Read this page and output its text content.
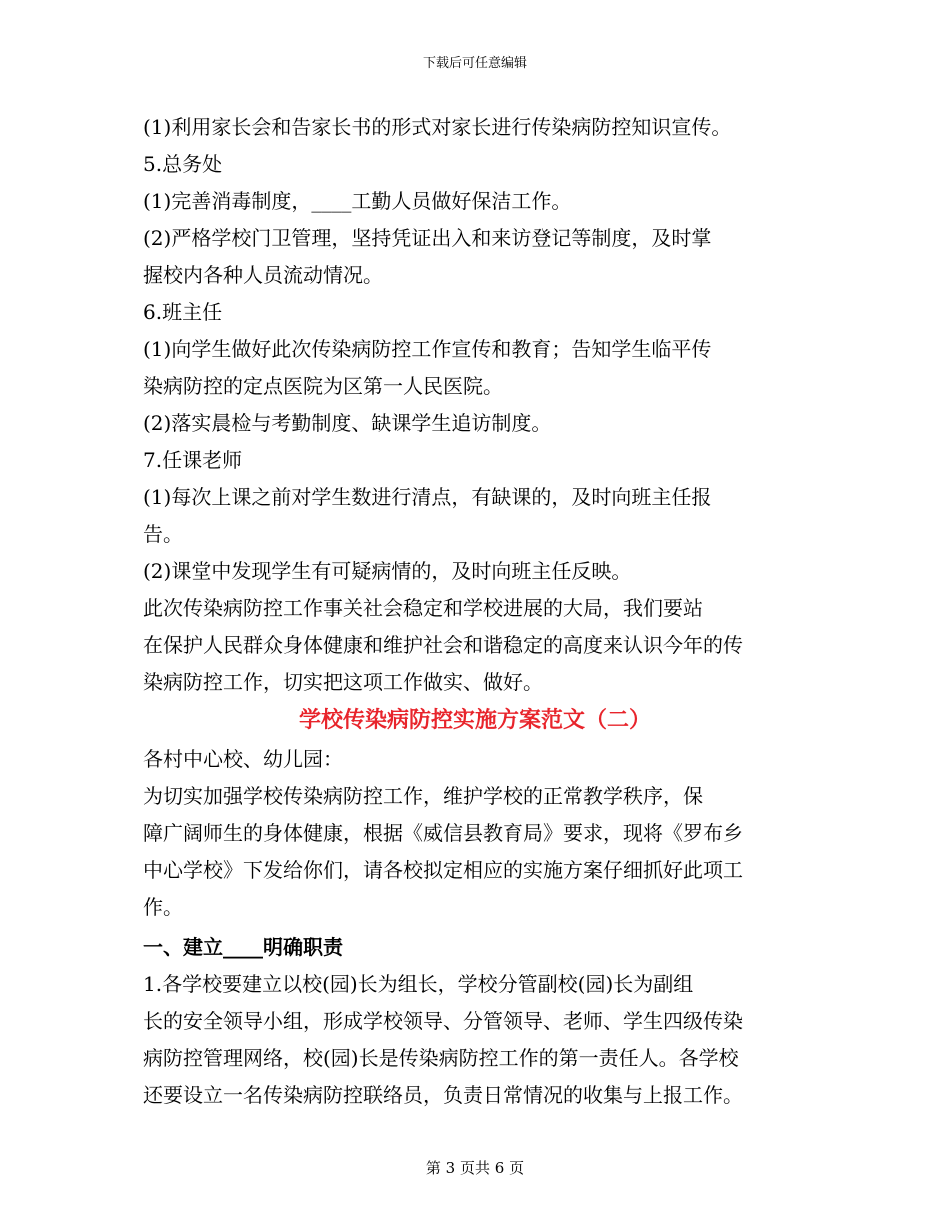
下载后可任意编辑
(1)利用家长会和告家长书的形式对家长进行传染病防控知识宣传。
5.总务处
(1)完善消毒制度，____工勤人员做好保洁工作。
(2)严格学校门卫管理，坚持凭证出入和来访登记等制度，及时掌
握校内各种人员流动情况。
6.班主任
(1)向学生做好此次传染病防控工作宣传和教育；告知学生临平传
染病防控的定点医院为区第一人民医院。
(2)落实晨检与考勤制度、缺课学生追访制度。
7.任课老师
(1)每次上课之前对学生数进行清点，有缺课的，及时向班主任报
告。
(2)课堂中发现学生有可疑病情的，及时向班主任反映。
此次传染病防控工作事关社会稳定和学校进展的大局，我们要站
在保护人民群众身体健康和维护社会和谐稳定的高度来认识今年的传
染病防控工作，切实把这项工作做实、做好。
学校传染病防控实施方案范文（二）
各村中心校、幼儿园：
为切实加强学校传染病防控工作，维护学校的正常教学秩序，保
障广阔师生的身体健康，根据《威信县教育局》要求，现将《罗布乡
中心学校》下发给你们，请各校拟定相应的实施方案仔细抓好此项工
作。
一、建立____明确职责
1.各学校要建立以校(园)长为组长，学校分管副校(园)长为副组
长的安全领导小组，形成学校领导、分管领导、老师、学生四级传染
病防控管理网络，校(园)长是传染病防控工作的第一责任人。各学校
还要设立一名传染病防控联络员，负责日常情况的收集与上报工作。
第 3 页共 6 页
